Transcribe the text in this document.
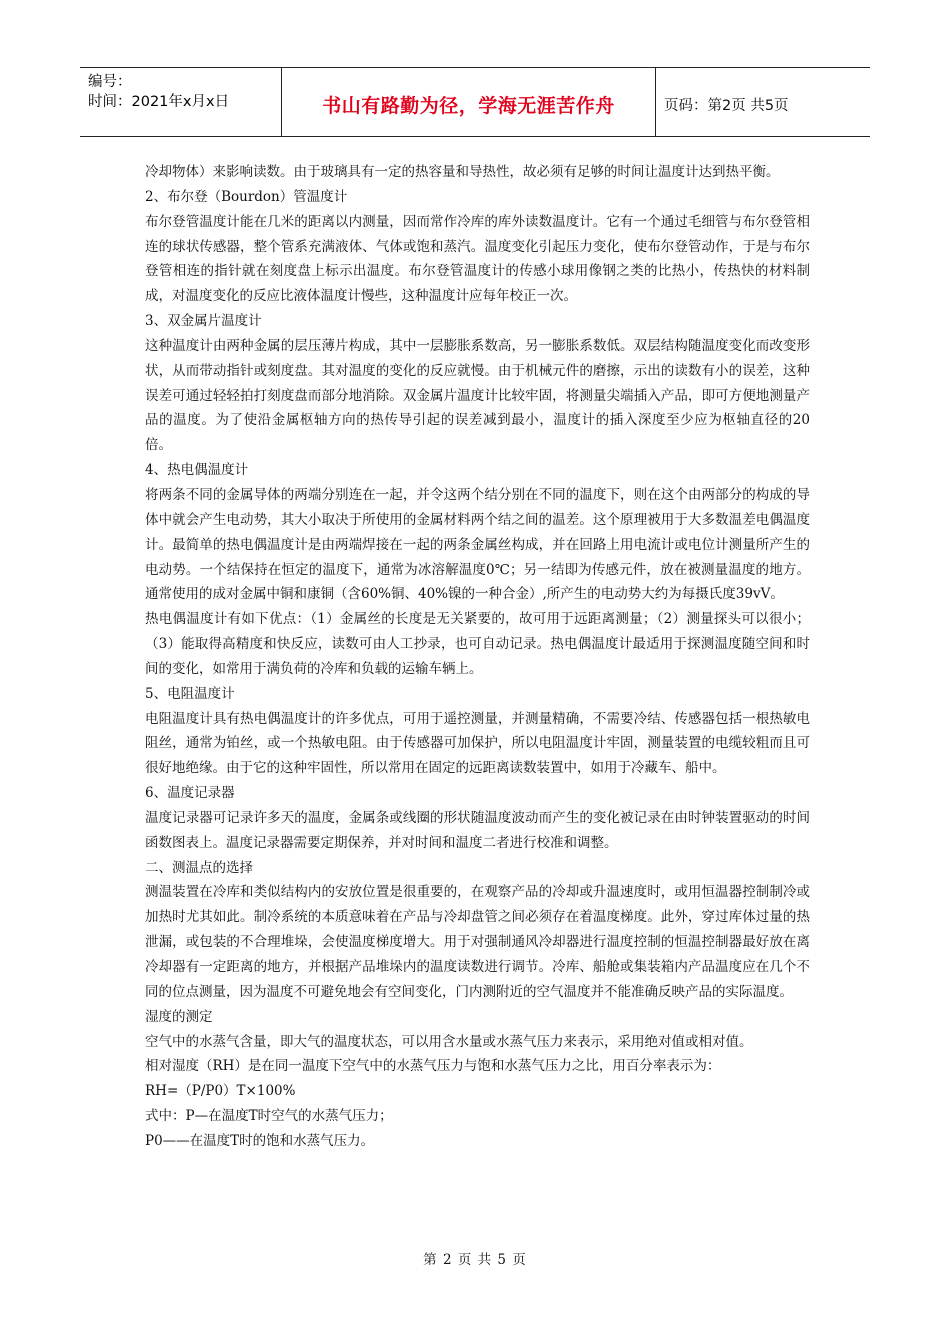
编号：
时间：2021年x月x日	书山有路勤为径，学海无涯苦作舟	页码：第2页 共5页

冷却物体）来影响读数。由于玻璃具有一定的热容量和导热性，故必须有足够的时间让温度计达到热平衡。

2、布尔登（Bourdon）管温度计

布尔登管温度计能在几米的距离以内测量，因而常作冷库的库外读数温度计。它有一个通过毛细管与布尔登管相连的球状传感器，整个管系充满液体、气体或饱和蒸汽。温度变化引起压力变化，使布尔登管动作，于是与布尔登管相连的指针就在刻度盘上标示出温度。布尔登管温度计的传感小球用像钢之类的比热小，传热快的材料制成，对温度变化的反应比液体温度计慢些，这种温度计应每年校正一次。

3、双金属片温度计

这种温度计由两种金属的层压薄片构成，其中一层膨胀系数高，另一膨胀系数低。双层结构随温度变化而改变形状，从而带动指针或刻度盘。其对温度的变化的反应就慢。由于机械元件的磨擦，示出的读数有小的误差，这种误差可通过轻轻拍打刻度盘而部分地消除。双金属片温度计比较牢固，将测量尖端插入产品，即可方便地测量产品的温度。为了使沿金属枢轴方向的热传导引起的误差减到最小，温度计的插入深度至少应为枢轴直径的20倍。

4、热电偶温度计

将两条不同的金属导体的两端分别连在一起，并令这两个结分别在不同的温度下，则在这个由两部分的构成的导体中就会产生电动势，其大小取决于所使用的金属材料两个结之间的温差。这个原理被用于大多数温差电偶温度计。最简单的热电偶温度计是由两端焊接在一起的两条金属丝构成，并在回路上用电流计或电位计测量所产生的电动势。一个结保持在恒定的温度下，通常为冰溶解温度0℃；另一结即为传感元件，放在被测量温度的地方。通常使用的成对金属中铜和康铜（含60%铜、40%镍的一种合金）,所产生的电动势大约为每摄氏度39vV。

热电偶温度计有如下优点：（1）金属丝的长度是无关紧要的，故可用于远距离测量；（2）测量探头可以很小；（3）能取得高精度和快反应，读数可由人工抄录，也可自动记录。热电偶温度计最适用于探测温度随空间和时间的变化，如常用于满负荷的冷库和负载的运输车辆上。

5、电阻温度计

电阻温度计具有热电偶温度计的许多优点，可用于遥控测量，并测量精确，不需要冷结、传感器包括一根热敏电阻丝，通常为铂丝，或一个热敏电阻。由于传感器可加保护，所以电阻温度计牢固，测量装置的电缆较粗而且可很好地绝缘。由于它的这种牢固性，所以常用在固定的远距离读数装置中，如用于冷藏车、船中。

6、温度记录器

温度记录器可记录许多天的温度，金属条或线圈的形状随温度波动而产生的变化被记录在由时钟装置驱动的时间函数图表上。温度记录器需要定期保养，并对时间和温度二者进行校准和调整。

二、测温点的选择

测温装置在冷库和类似结构内的安放位置是很重要的，在观察产品的冷却或升温速度时，或用恒温器控制制冷或加热时尤其如此。制冷系统的本质意味着在产品与冷却盘管之间必须存在着温度梯度。此外，穿过库体过量的热泄漏，或包装的不合理堆垛，会使温度梯度增大。用于对强制通风冷却器进行温度控制的恒温控制器最好放在离冷却器有一定距离的地方，并根据产品堆垛内的温度读数进行调节。冷库、船舱或集装箱内产品温度应在几个不同的位点测量，因为温度不可避免地会有空间变化，门内测附近的空气温度并不能准确反映产品的实际温度。

湿度的测定

空气中的水蒸气含量，即大气的温度状态，可以用含水量或水蒸气压力来表示，采用绝对值或相对值。

相对湿度（RH）是在同一温度下空气中的水蒸气压力与饱和水蒸气压力之比，用百分率表示为：

RH=（P/P0）T×100%

式中：P—在温度T时空气的水蒸气压力；

P0——在温度T时的饱和水蒸气压力。

第 2 页 共 5 页
